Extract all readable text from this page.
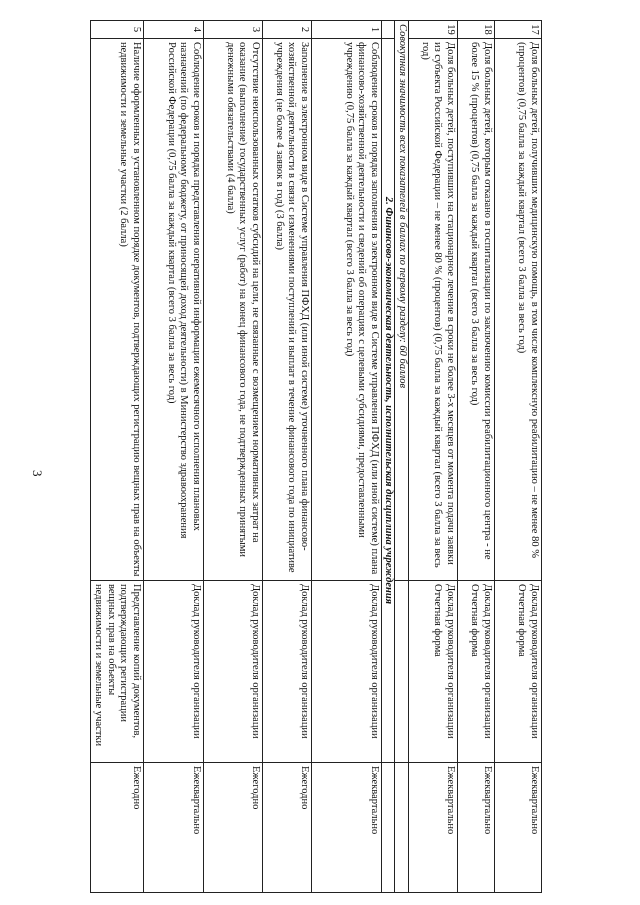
3
17	Доля больных детей, получивших медицинскую помощь, в том числе комплексную реабилитацию – не менее 80 % (процентов) (0,75 балла за каждый квартал (всего 3 балла за весь год)	Доклад руководителя организации Отчетная форма	Ежеквартально
18	Доля больных детей, которым отказано в госпитализации по заключению комиссии реабилитационного центра - не более 15 % (процентов) (0,75 балла за каждый квартал (всего 3 балла за весь год)	Доклад руководителя организации Отчетная форма	Ежеквартально
19	Доля больных детей, поступивших на стационарное лечение в сроки не более 3-х месяцев от момента подачи заявки из субъекта Российской Федерации – не менее 80 % (процентов) (0,75 балла за каждый квартал (всего 3 балла за весь год)	Доклад руководителя организации Отчетная форма	Ежеквартально
Совокупная значимость всех показателей в баллах по первому разделу: 60 баллов			
	2. Финансово-экономическая деятельность, исполнительская дисциплина учреждения		
1	Соблюдение сроков и порядка заполнения в электронном виде в Системе управления ПФХД (или иной системе) плана финансово-хозяйственной деятельности и сведений об операциях с целевыми субсидиями, предоставленными учреждению (0,75 балла за каждый квартал (всего 3 балла за весь год)	Доклад руководителя организации	Ежеквартально
2	Заполнение в электронном виде в Системе управления ПФХД (или иной системе) уточненного плана финансово-хозяйственной деятельности в связи с изменениями поступлений и выплат в течение финансового года по инициативе учреждения (не более 4 заявок в год) (3 балла)	Доклад руководителя организации	Ежегодно
3	Отсутствие неиспользованных остатков субсидий на цели, не связанные с возмещением нормативных затрат на оказание (выполнение) государственных услуг (работ) на конец финансового года, не подтвержденных принятыми денежными обязательствами (4 балла)	Доклад руководителя организации	Ежегодно
4	Соблюдение сроков и порядка представления оперативной информации ежемесячного исполнения плановых назначений (по федеральному бюджету, от приносящей доход деятельности) в Министерство здравоохранения Российской Федерации (0,75 балла за каждый квартал (всего 3 балла за весь год)	Доклад руководителя организации	Ежеквартально
5	Наличие оформленных в установленном порядке документов, подтверждающих регистрацию вещных прав на объекты недвижимости и земельные участки (2 балла)	Представление копий документов, подтверждающих регистрации вещных прав на объекты недвижимости и земельные участки	Ежегодно
